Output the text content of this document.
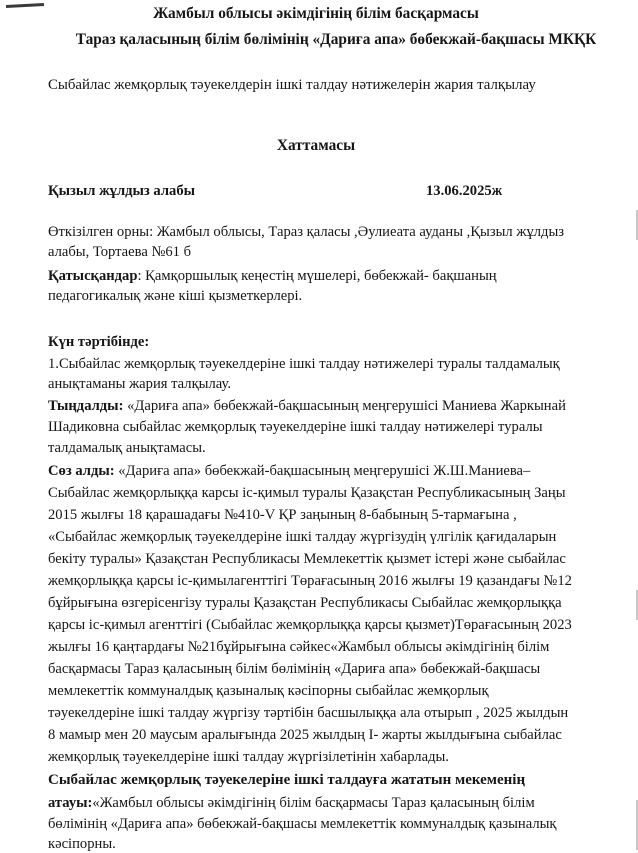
Жамбыл облысы әкімдігінің білім басқармасы
Тараз қаласының білім бөлімінің «Дариға апа» бөбекжай-бақшасы МКҚК
Сыбайлас жемқорлық тәуекелдерін ішкі талдау нәтижелерін жария талқылау
Хаттамасы
Қызыл жұлдыз алабы	13.06.2025ж
Өткізілген орны: Жамбыл облысы, Тараз қаласы ,Әулиеата ауданы ,Қызыл жұлдыз
алабы, Тортаева №61 б
Қатысқандар: Қамқоршылық кеңестің мүшелері, бөбекжай- бақшаның
педагогикалық және кіші қызметкерлері.
Күн тәртібінде:
1.Сыбайлас жемқорлық тәуекелдеріне ішкі талдау нәтижелері туралы талдамалық
анықтаманы жария талқылау.
Тыңдалды: «Дариға апа» бөбекжай-бақшасының меңгерушісі Маниева Жаркынай
Шадиковна сыбайлас жемқорлық тәуекелдеріне ішкі талдау нәтижелері туралы
талдамалық анықтамасы.
Сөз алды: «Дариға апа» бөбекжай-бақшасының меңгерушісі Ж.Ш.Маниева–
Сыбайлас жемқорлыққа карсы іс-қимыл туралы Қазақстан Республикасының Заңы
2015 жылғы 18 қарашадағы №410-V ҚР заңының 8-бабының 5-тармағына ,
«Сыбайлас жемқорлық тәуекелдеріне ішкі талдау жүргізудің үлгілік қағидаларын
бекіту туралы» Қазақстан Республикасы Мемлекеттік қызмет істері және сыбайлас
жемқорлыққа қарсы іс-қимылагенттігі Төрағасының 2016 жылғы 19 қазандағы №12
бұйрығына өзгерісенгізу туралы Қазақстан Республикасы Сыбайлас жемқорлыққа
қарсы іс-қимыл агенттігі (Сыбайлас жемқорлыққа қарсы қызмет)Төрағасының 2023
жылғы 16 қаңтардағы №21бұйрығына сәйкес«Жамбыл облысы әкімдігінің білім
басқармасы Тараз қаласының білім бөлімінің «Дариға апа» бөбекжай-бақшасы
мемлекеттік коммуналдық қазыналық кәсіпорны сыбайлас жемқорлық
тәуекелдеріне ішкі талдау жүргізу тәртібін басшылыққа ала отырып , 2025 жылдын
8 мамыр мен 20 маусым аралығында 2025 жылдың І- жарты жылдығына сыбайлас
жемқорлық тәуекелдеріне ішкі талдау жүргізілетінін хабарлады.
Сыбайлас жемқорлық тәуекелеріне ішкі талдауға жататын мекеменің
атауы:«Жамбыл облысы әкімдігінің білім басқармасы Тараз қаласының білім
бөлімінің «Дариға апа» бөбекжай-бақшасы мемлекеттік коммуналдық қазыналық
кәсіпорны.
